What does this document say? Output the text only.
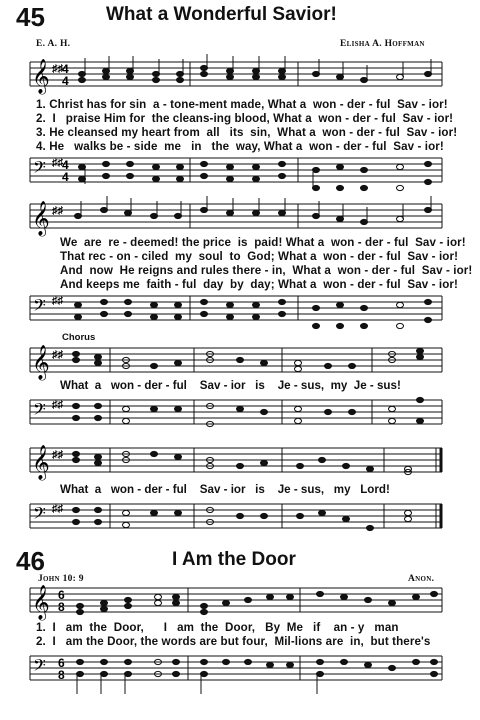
45	What a Wonderful Savior!
E. A. H.	Elisha A. Hoffman
𝄞 ♯♯ 4
4
1. Christ has for sin  a - tone-ment made, What a  won - der - ful  Sav - ior!
2.  I   praise Him for  the cleans-ing blood, What a  won - der - ful  Sav - ior!
3. He cleansed my heart from  all   its  sin,  What a  won - der - ful  Sav - ior!
4. He   walks be - side  me   in   the  way, What a  won - der - ful  Sav - ior!
𝄢 ♯♯ 4
4
𝄞 ♯♯
We  are  re - deemed! the price  is  paid! What a  won - der - ful  Sav - ior!
That rec - on - ciled  my  soul  to  God; What a  won - der - ful  Sav - ior!
And  now  He reigns and rules there - in,  What a  won - der - ful  Sav - ior!
And keeps me  faith - ful  day  by  day; What a  won - der - ful  Sav - ior!
𝄢 ♯♯
Chorus
𝄞 ♯♯
What  a   won - der - ful    Sav - ior   is    Je - sus,  my  Je - sus!
𝄢 ♯♯
𝄞 ♯♯
What  a   won - der - ful    Sav - ior   is    Je - sus,   my   Lord!
𝄢 ♯♯
46	I Am the Door
John 10: 9	Anon.
𝄞 6
8
1.  I   am  the  Door,      I   am  the  Door,   By  Me   if    an - y   man
2.  I   am the Door, the words are but four,  Mil-lions are  in,  but there's
𝄢 6
8
